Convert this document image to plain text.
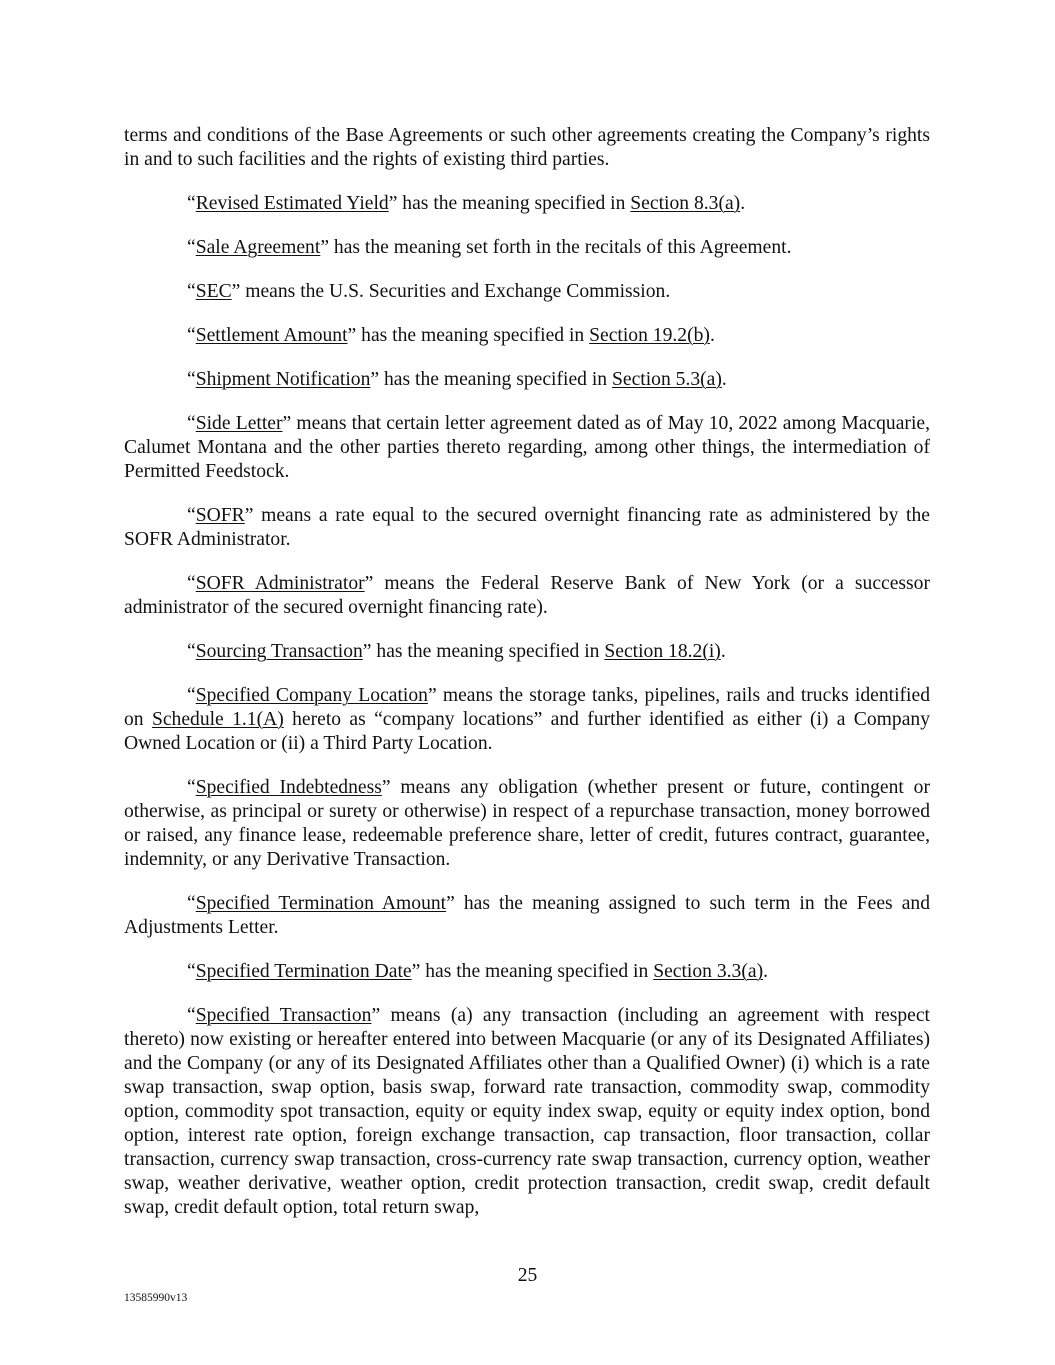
terms and conditions of the Base Agreements or such other agreements creating the Company’s rights in and to such facilities and the rights of existing third parties.

“Revised Estimated Yield” has the meaning specified in Section 8.3(a).

“Sale Agreement” has the meaning set forth in the recitals of this Agreement.

“SEC” means the U.S. Securities and Exchange Commission.

“Settlement Amount” has the meaning specified in Section 19.2(b).

“Shipment Notification” has the meaning specified in Section 5.3(a).

“Side Letter” means that certain letter agreement dated as of May 10, 2022 among Macquarie, Calumet Montana and the other parties thereto regarding, among other things, the intermediation of Permitted Feedstock.

“SOFR” means a rate equal to the secured overnight financing rate as administered by the SOFR Administrator.

“SOFR Administrator” means the Federal Reserve Bank of New York (or a successor administrator of the secured overnight financing rate).

“Sourcing Transaction” has the meaning specified in Section 18.2(i).

“Specified Company Location” means the storage tanks, pipelines, rails and trucks identified on Schedule 1.1(A) hereto as “company locations” and further identified as either (i) a Company Owned Location or (ii) a Third Party Location.

“Specified Indebtedness” means any obligation (whether present or future, contingent or otherwise, as principal or surety or otherwise) in respect of a repurchase transaction, money borrowed or raised, any finance lease, redeemable preference share, letter of credit, futures contract, guarantee, indemnity, or any Derivative Transaction.

“Specified Termination Amount” has the meaning assigned to such term in the Fees and Adjustments Letter.

“Specified Termination Date” has the meaning specified in Section 3.3(a).

“Specified Transaction” means (a) any transaction (including an agreement with respect thereto) now existing or hereafter entered into between Macquarie (or any of its Designated Affiliates) and the Company (or any of its Designated Affiliates other than a Qualified Owner) (i) which is a rate swap transaction, swap option, basis swap, forward rate transaction, commodity swap, commodity option, commodity spot transaction, equity or equity index swap, equity or equity index option, bond option, interest rate option, foreign exchange transaction, cap transaction, floor transaction, collar transaction, currency swap transaction, cross-currency rate swap transaction, currency option, weather swap, weather derivative, weather option, credit protection transaction, credit swap, credit default swap, credit default option, total return swap,

25
13585990v13
